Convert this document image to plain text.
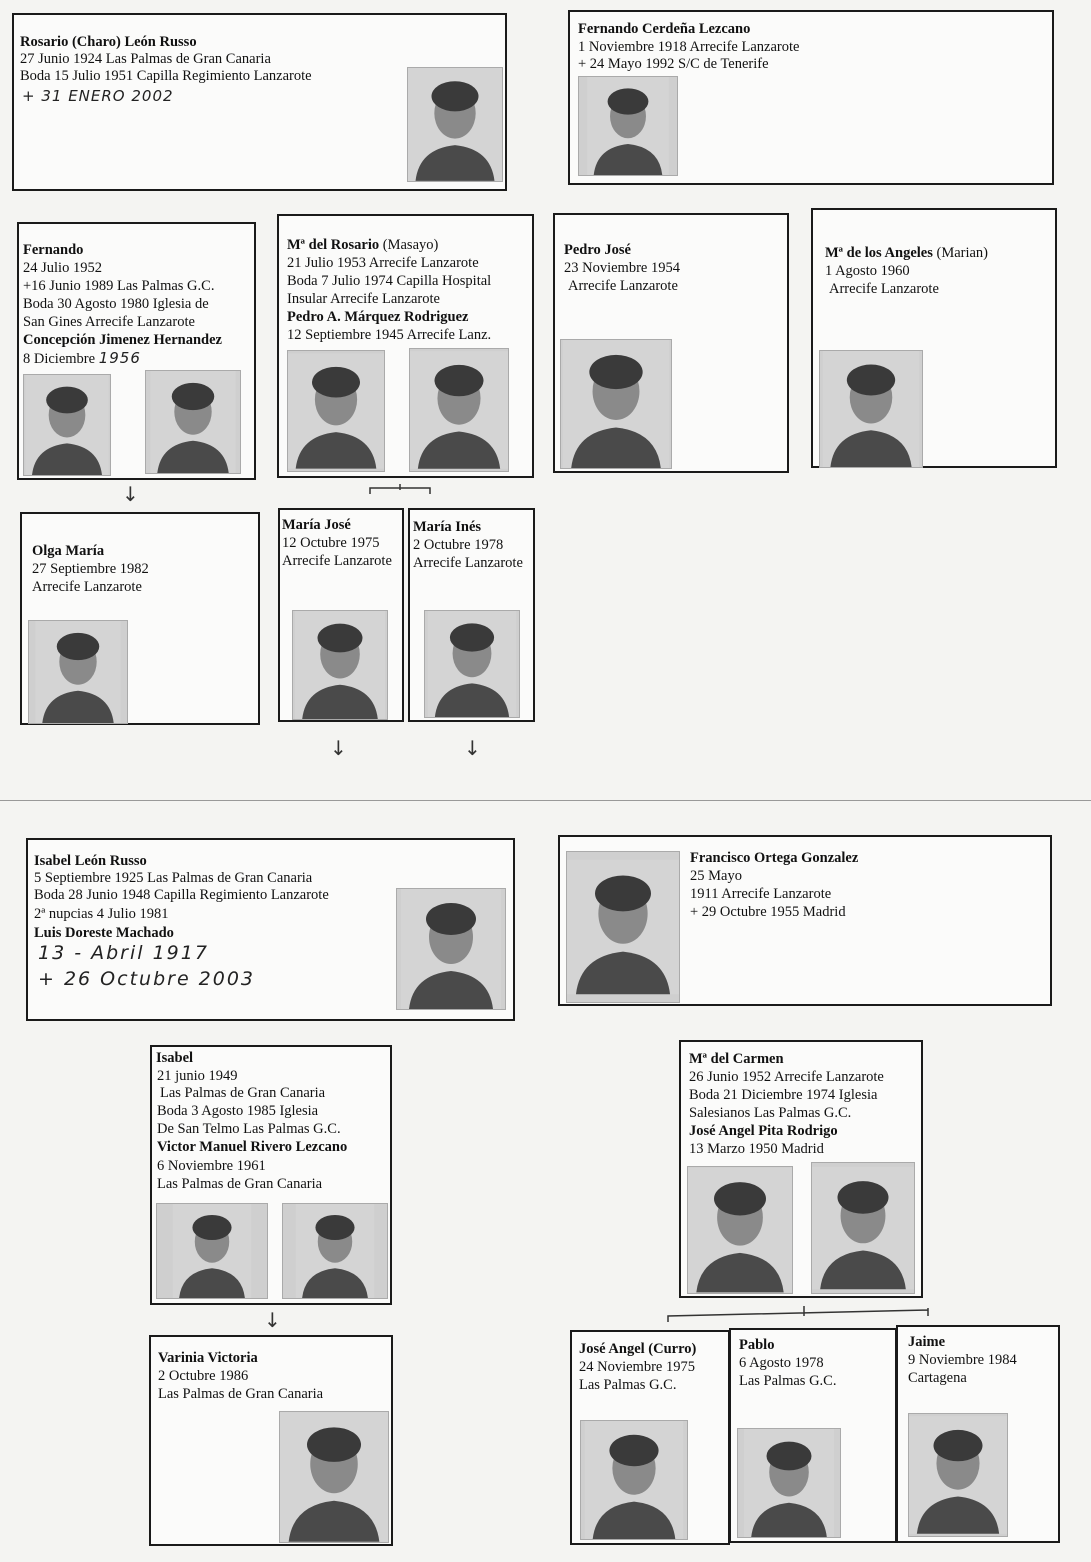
Rosario (Charo) León Russo
27 Junio 1924 Las Palmas de Gran Canaria
Boda 15 Julio 1951 Capilla Regimiento Lanzarote
+ 31 ENERO 2002
Fernando Cerdeña Lezcano
1 Noviembre 1918 Arrecife Lanzarote
+ 24 Mayo 1992 S/C de Tenerife
Fernando
24 Julio 1952
+16 Junio 1989 Las Palmas G.C.
Boda 30 Agosto 1980 Iglesia de
San Gines Arrecife Lanzarote
Concepción Jimenez Hernandez
8 Diciembre 1956
Mª del Rosario (Masayo)
21 Julio 1953 Arrecife Lanzarote
Boda 7 Julio 1974 Capilla Hospital
Insular Arrecife Lanzarote
Pedro A. Márquez Rodriguez
12 Septiembre 1945 Arrecife Lanz.
Pedro José
23 Noviembre 1954
Arrecife Lanzarote
Mª de los Angeles (Marian)
1 Agosto 1960
Arrecife Lanzarote
↓
Olga María
27 Septiembre 1982
Arrecife Lanzarote
María José
12 Octubre 1975
Arrecife Lanzarote
María Inés
2 Octubre 1978
Arrecife Lanzarote
↓	↓
Isabel León Russo
5 Septiembre 1925 Las Palmas de Gran Canaria
Boda 28 Junio 1948 Capilla Regimiento Lanzarote
2ª nupcias 4 Julio 1981
Luis Doreste Machado
13 - Abril 1917
+ 26 Octubre 2003
Francisco Ortega Gonzalez
25 Mayo
1911 Arrecife Lanzarote
+ 29 Octubre 1955 Madrid
Isabel
21 junio 1949
Las Palmas de Gran Canaria
Boda 3 Agosto 1985 Iglesia
De San Telmo Las Palmas G.C.
Victor Manuel Rivero Lezcano
6 Noviembre 1961
Las Palmas de Gran Canaria
Mª del Carmen
26 Junio 1952 Arrecife Lanzarote
Boda 21 Diciembre 1974 Iglesia
Salesianos Las Palmas G.C.
José Angel Pita Rodrigo
13 Marzo 1950 Madrid
↓
Varinia Victoria
2 Octubre 1986
Las Palmas de Gran Canaria
José Angel (Curro)
24 Noviembre 1975
Las Palmas G.C.
Pablo
6 Agosto 1978
Las Palmas G.C.
Jaime
9 Noviembre 1984
Cartagena
